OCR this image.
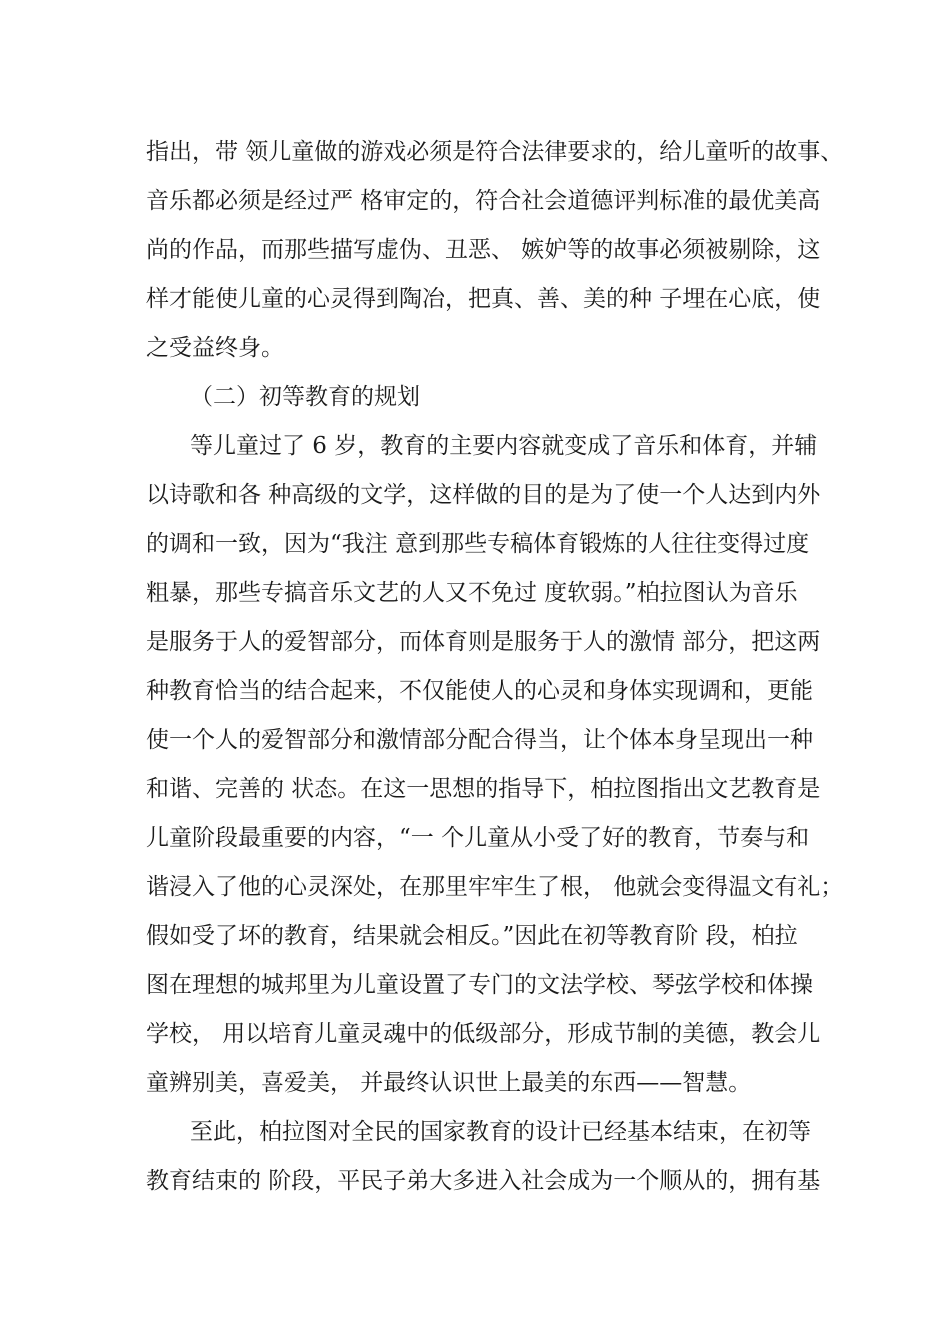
指出，带 领儿童做的游戏必须是符合法律要求的，给儿童听的故事、
音乐都必须是经过严 格审定的，符合社会道德评判标准的最优美高
尚的作品，而那些描写虚伪、丑恶、 嫉妒等的故事必须被剔除，这
样才能使儿童的心灵得到陶冶，把真、善、美的种 子埋在心底，使
之受益终身。
（二）初等教育的规划
等儿童过了 6 岁，教育的主要内容就变成了音乐和体育，并辅
以诗歌和各 种高级的文学，这样做的目的是为了使一个人达到内外
的调和一致，因为“我注 意到那些专稿体育锻炼的人往往变得过度
粗暴，那些专搞音乐文艺的人又不免过 度软弱。”柏拉图认为音乐
是服务于人的爱智部分，而体育则是服务于人的激情 部分，把这两
种教育恰当的结合起来，不仅能使人的心灵和身体实现调和，更能
使一个人的爱智部分和激情部分配合得当，让个体本身呈现出一种
和谐、完善的 状态。在这一思想的指导下，柏拉图指出文艺教育是
儿童阶段最重要的内容，“一 个儿童从小受了好的教育，节奏与和
谐浸入了他的心灵深处，在那里牢牢生了根， 他就会变得温文有礼；
假如受了坏的教育，结果就会相反。”因此在初等教育阶 段，柏拉
图在理想的城邦里为儿童设置了专门的文法学校、琴弦学校和体操
学校， 用以培育儿童灵魂中的低级部分，形成节制的美德，教会儿
童辨别美，喜爱美， 并最终认识世上最美的东西——智慧。
至此，柏拉图对全民的国家教育的设计已经基本结束，在初等
教育结束的 阶段，平民子弟大多进入社会成为一个顺从的，拥有基
